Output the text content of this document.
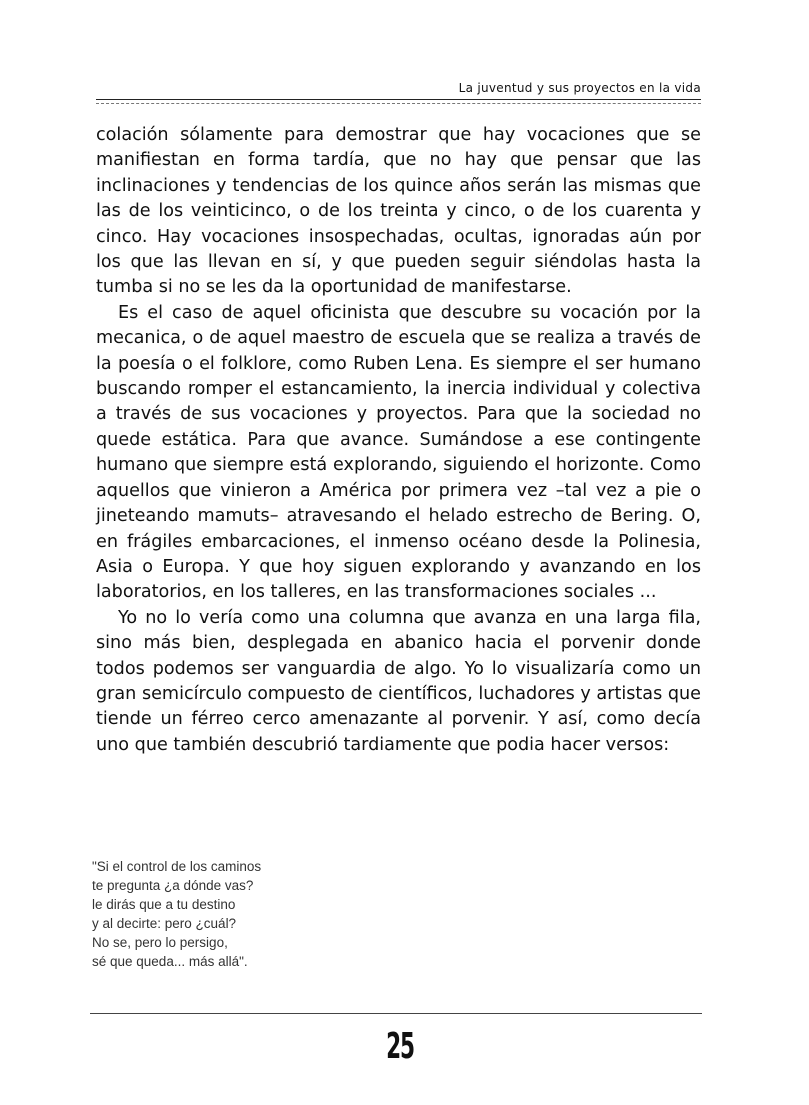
La juventud y sus proyectos en la vida

colación sólamente para demostrar que hay vocaciones que se manifiestan en forma tardía, que no hay que pensar que las inclinaciones y tendencias de los quince años serán las mismas que las de los veinticinco, o de los treinta y cinco, o de los cuarenta y cinco. Hay vocaciones insospechadas, ocultas, ignoradas aún por los que las llevan en sí, y que pueden seguir siéndolas hasta la tumba si no se les da la oportunidad de manifestarse.

Es el caso de aquel oficinista que descubre su vocación por la mecanica, o de aquel maestro de escuela que se realiza a través de la poesía o el folklore, como Ruben Lena. Es siempre el ser humano buscando romper el estancamiento, la inercia individual y colectiva a través de sus vocaciones y proyectos. Para que la sociedad no quede estática. Para que avance. Sumándose a ese contingente humano que siempre está explorando, siguiendo el horizonte. Como aquellos que vinieron a América por primera vez –tal vez a pie o jineteando mamuts– atravesando el helado estrecho de Bering. O, en frágiles embarcaciones, el inmenso océano desde la Polinesia, Asia o Europa. Y que hoy siguen explorando y avanzando en los laboratorios, en los talleres, en las transformaciones sociales ...

Yo no lo vería como una columna que avanza en una larga fila, sino más bien, desplegada en abanico hacia el porvenir donde todos podemos ser vanguardia de algo. Yo lo visualizaría como un gran semicírculo compuesto de científicos, luchadores y artistas que tiende un férreo cerco amenazante al porvenir. Y así, como decía uno que también descubrió tardiamente que podia hacer versos:

"Si el control de los caminos
te pregunta ¿a dónde vas?
le dirás que a tu destino
y al decirte: pero ¿cuál?
No se, pero lo persigo,
sé que queda... más allá".
25
